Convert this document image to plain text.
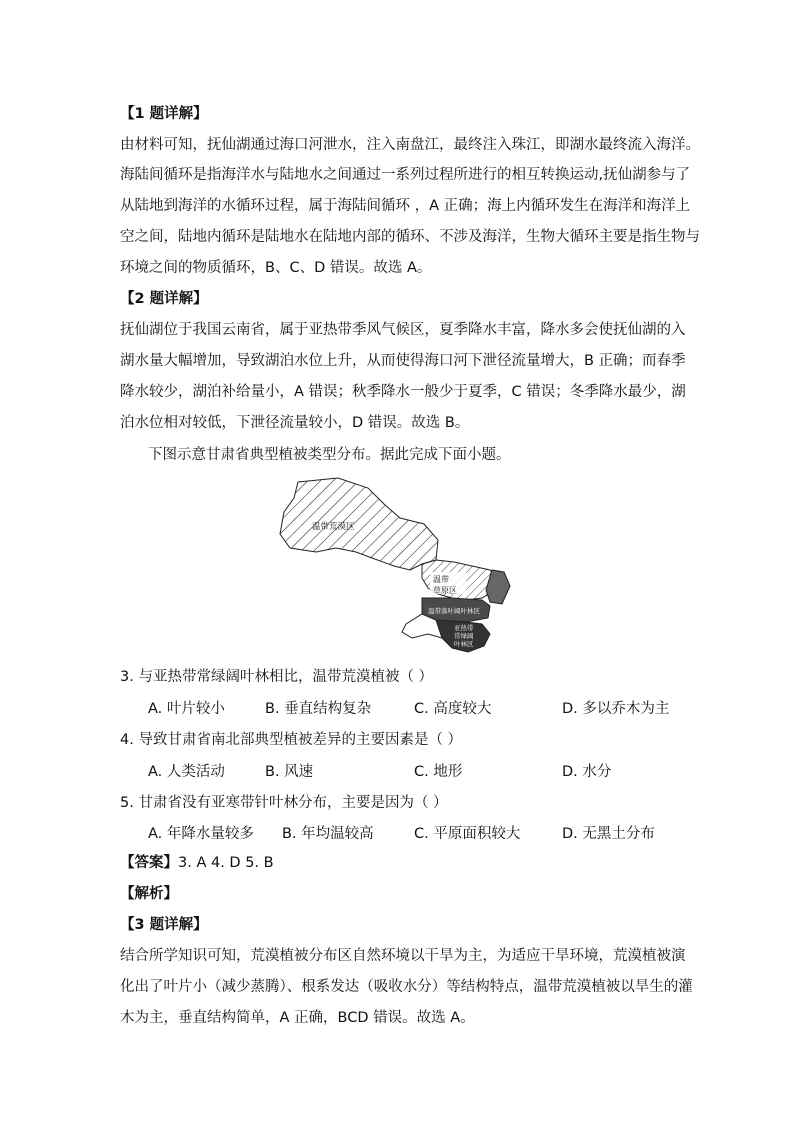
【1 题详解】
由材料可知，抚仙湖通过海口河泄水，注入南盘江，最终注入珠江，即湖水最终流入海洋。
海陆间循环是指海洋水与陆地水之间通过一系列过程所进行的相互转换运动,抚仙湖参与了
从陆地到海洋的水循环过程，属于海陆间循环 ，A 正确；海上内循环发生在海洋和海洋上
空之间，陆地内循环是陆地水在陆地内部的循环、不涉及海洋，生物大循环主要是指生物与
环境之间的物质循环，B、C、D 错误。故选 A。
【2 题详解】
抚仙湖位于我国云南省，属于亚热带季风气候区，夏季降水丰富，降水多会使抚仙湖的入
湖水量大幅增加，导致湖泊水位上升，从而使得海口河下泄径流量增大，B 正确；而春季
降水较少，湖泊补给量小，A 错误；秋季降水一般少于夏季，C 错误；冬季降水最少，湖
泊水位相对较低，下泄径流量较小，D 错误。故选 B。
下图示意甘肃省典型植被类型分布。据此完成下面小题。
温带荒漠区
温带
草原区
温带落叶阔叶林区
亚热带
常绿阔
叶林区
3. 与亚热带常绿阔叶林相比，温带荒漠植被（ ）
A. 叶片较小	B. 垂直结构复杂	C. 高度较大	D. 多以乔木为主
4. 导致甘肃省南北部典型植被差异的主要因素是（ ）
A. 人类活动	B. 风速	C. 地形	D. 水分
5. 甘肃省没有亚寒带针叶林分布，主要是因为（ ）
A. 年降水量较多 B. 年均温较高	C. 平原面积较大	D. 无黑土分布
【答案】3. A 4. D 5. B
【解析】
【3 题详解】
结合所学知识可知，荒漠植被分布区自然环境以干旱为主，为适应干旱环境，荒漠植被演
化出了叶片小（减少蒸腾）、根系发达（吸收水分）等结构特点，温带荒漠植被以旱生的灌
木为主，垂直结构简单，A 正确，BCD 错误。故选 A。
